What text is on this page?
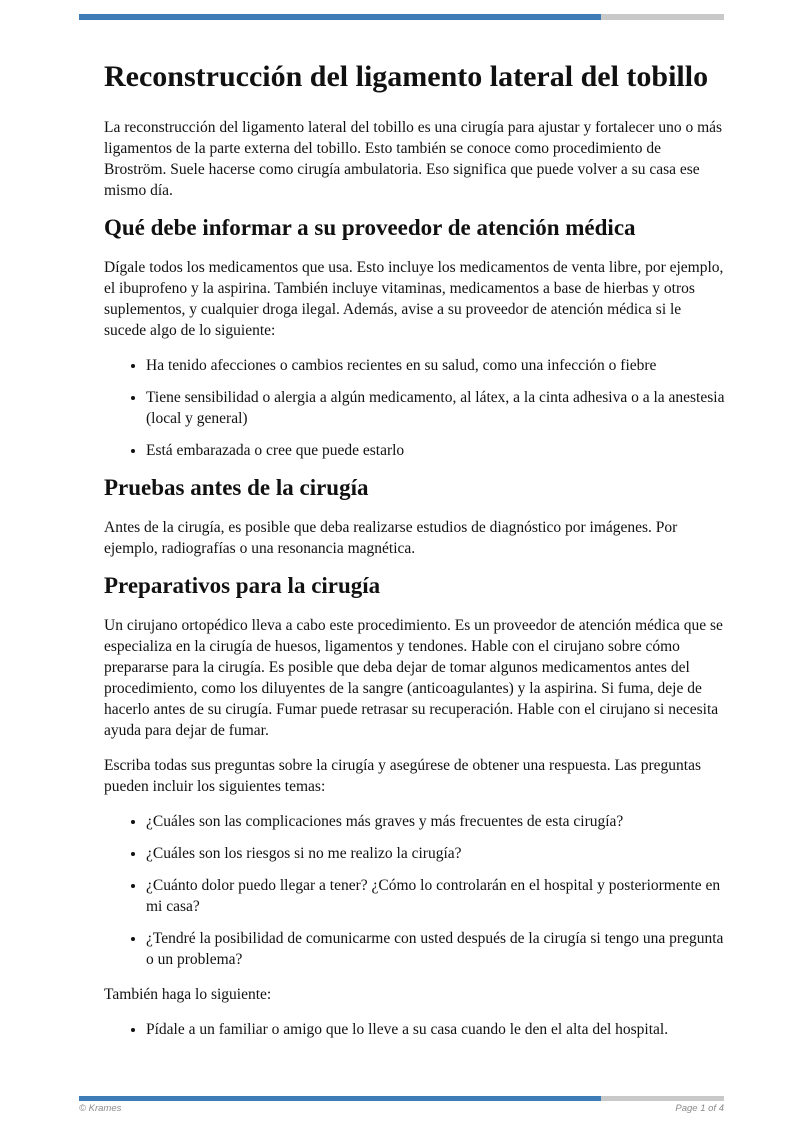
Reconstrucción del ligamento lateral del tobillo

La reconstrucción del ligamento lateral del tobillo es una cirugía para ajustar y fortalecer uno o más ligamentos de la parte externa del tobillo. Esto también se conoce como procedimiento de Broström. Suele hacerse como cirugía ambulatoria. Eso significa que puede volver a su casa ese mismo día.

Qué debe informar a su proveedor de atención médica

Dígale todos los medicamentos que usa. Esto incluye los medicamentos de venta libre, por ejemplo, el ibuprofeno y la aspirina. También incluye vitaminas, medicamentos a base de hierbas y otros suplementos, y cualquier droga ilegal. Además, avise a su proveedor de atención médica si le sucede algo de lo siguiente:

• Ha tenido afecciones o cambios recientes en su salud, como una infección o fiebre
• Tiene sensibilidad o alergia a algún medicamento, al látex, a la cinta adhesiva o a la anestesia (local y general)
• Está embarazada o cree que puede estarlo
Pruebas antes de la cirugía

Antes de la cirugía, es posible que deba realizarse estudios de diagnóstico por imágenes. Por ejemplo, radiografías o una resonancia magnética.

Preparativos para la cirugía

Un cirujano ortopédico lleva a cabo este procedimiento. Es un proveedor de atención médica que se especializa en la cirugía de huesos, ligamentos y tendones. Hable con el cirujano sobre cómo prepararse para la cirugía. Es posible que deba dejar de tomar algunos medicamentos antes del procedimiento, como los diluyentes de la sangre (anticoagulantes) y la aspirina. Si fuma, deje de hacerlo antes de su cirugía. Fumar puede retrasar su recuperación. Hable con el cirujano si necesita ayuda para dejar de fumar.

Escriba todas sus preguntas sobre la cirugía y asegúrese de obtener una respuesta. Las preguntas pueden incluir los siguientes temas:

• ¿Cuáles son las complicaciones más graves y más frecuentes de esta cirugía?
• ¿Cuáles son los riesgos si no me realizo la cirugía?
• ¿Cuánto dolor puedo llegar a tener? ¿Cómo lo controlarán en el hospital y posteriormente en mi casa?
• ¿Tendré la posibilidad de comunicarme con usted después de la cirugía si tengo una pregunta o un problema?

También haga lo siguiente:

• Pídale a un familiar o amigo que lo lleve a su casa cuando le den el alta del hospital.
© Krames	Page 1 of 4
